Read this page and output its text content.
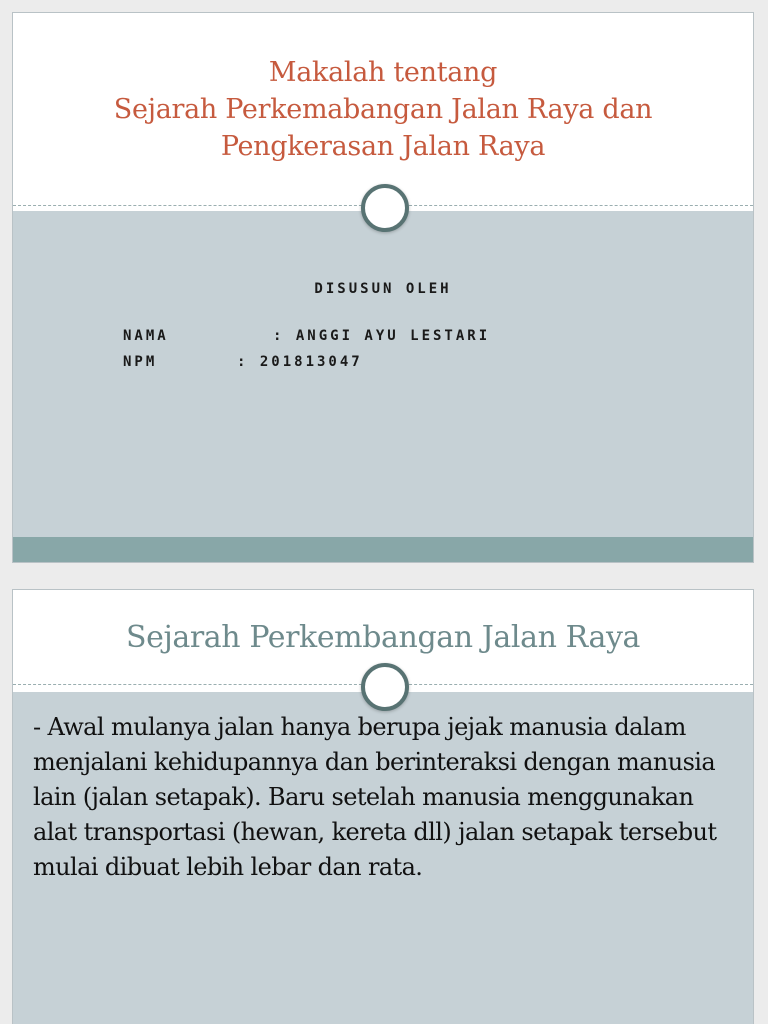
Makalah tentang
Sejarah Perkemabangan Jalan Raya dan
Pengkerasan Jalan Raya
DISUSUN OLEH
NAMA	: ANGGI AYU LESTARI
NPM	: 201813047
Sejarah Perkembangan Jalan Raya
- Awal mulanya jalan hanya berupa jejak manusia dalam menjalani kehidupannya dan berinteraksi dengan manusia lain (jalan setapak). Baru setelah manusia menggunakan alat transportasi (hewan, kereta dll) jalan setapak tersebut mulai dibuat lebih lebar dan rata.
